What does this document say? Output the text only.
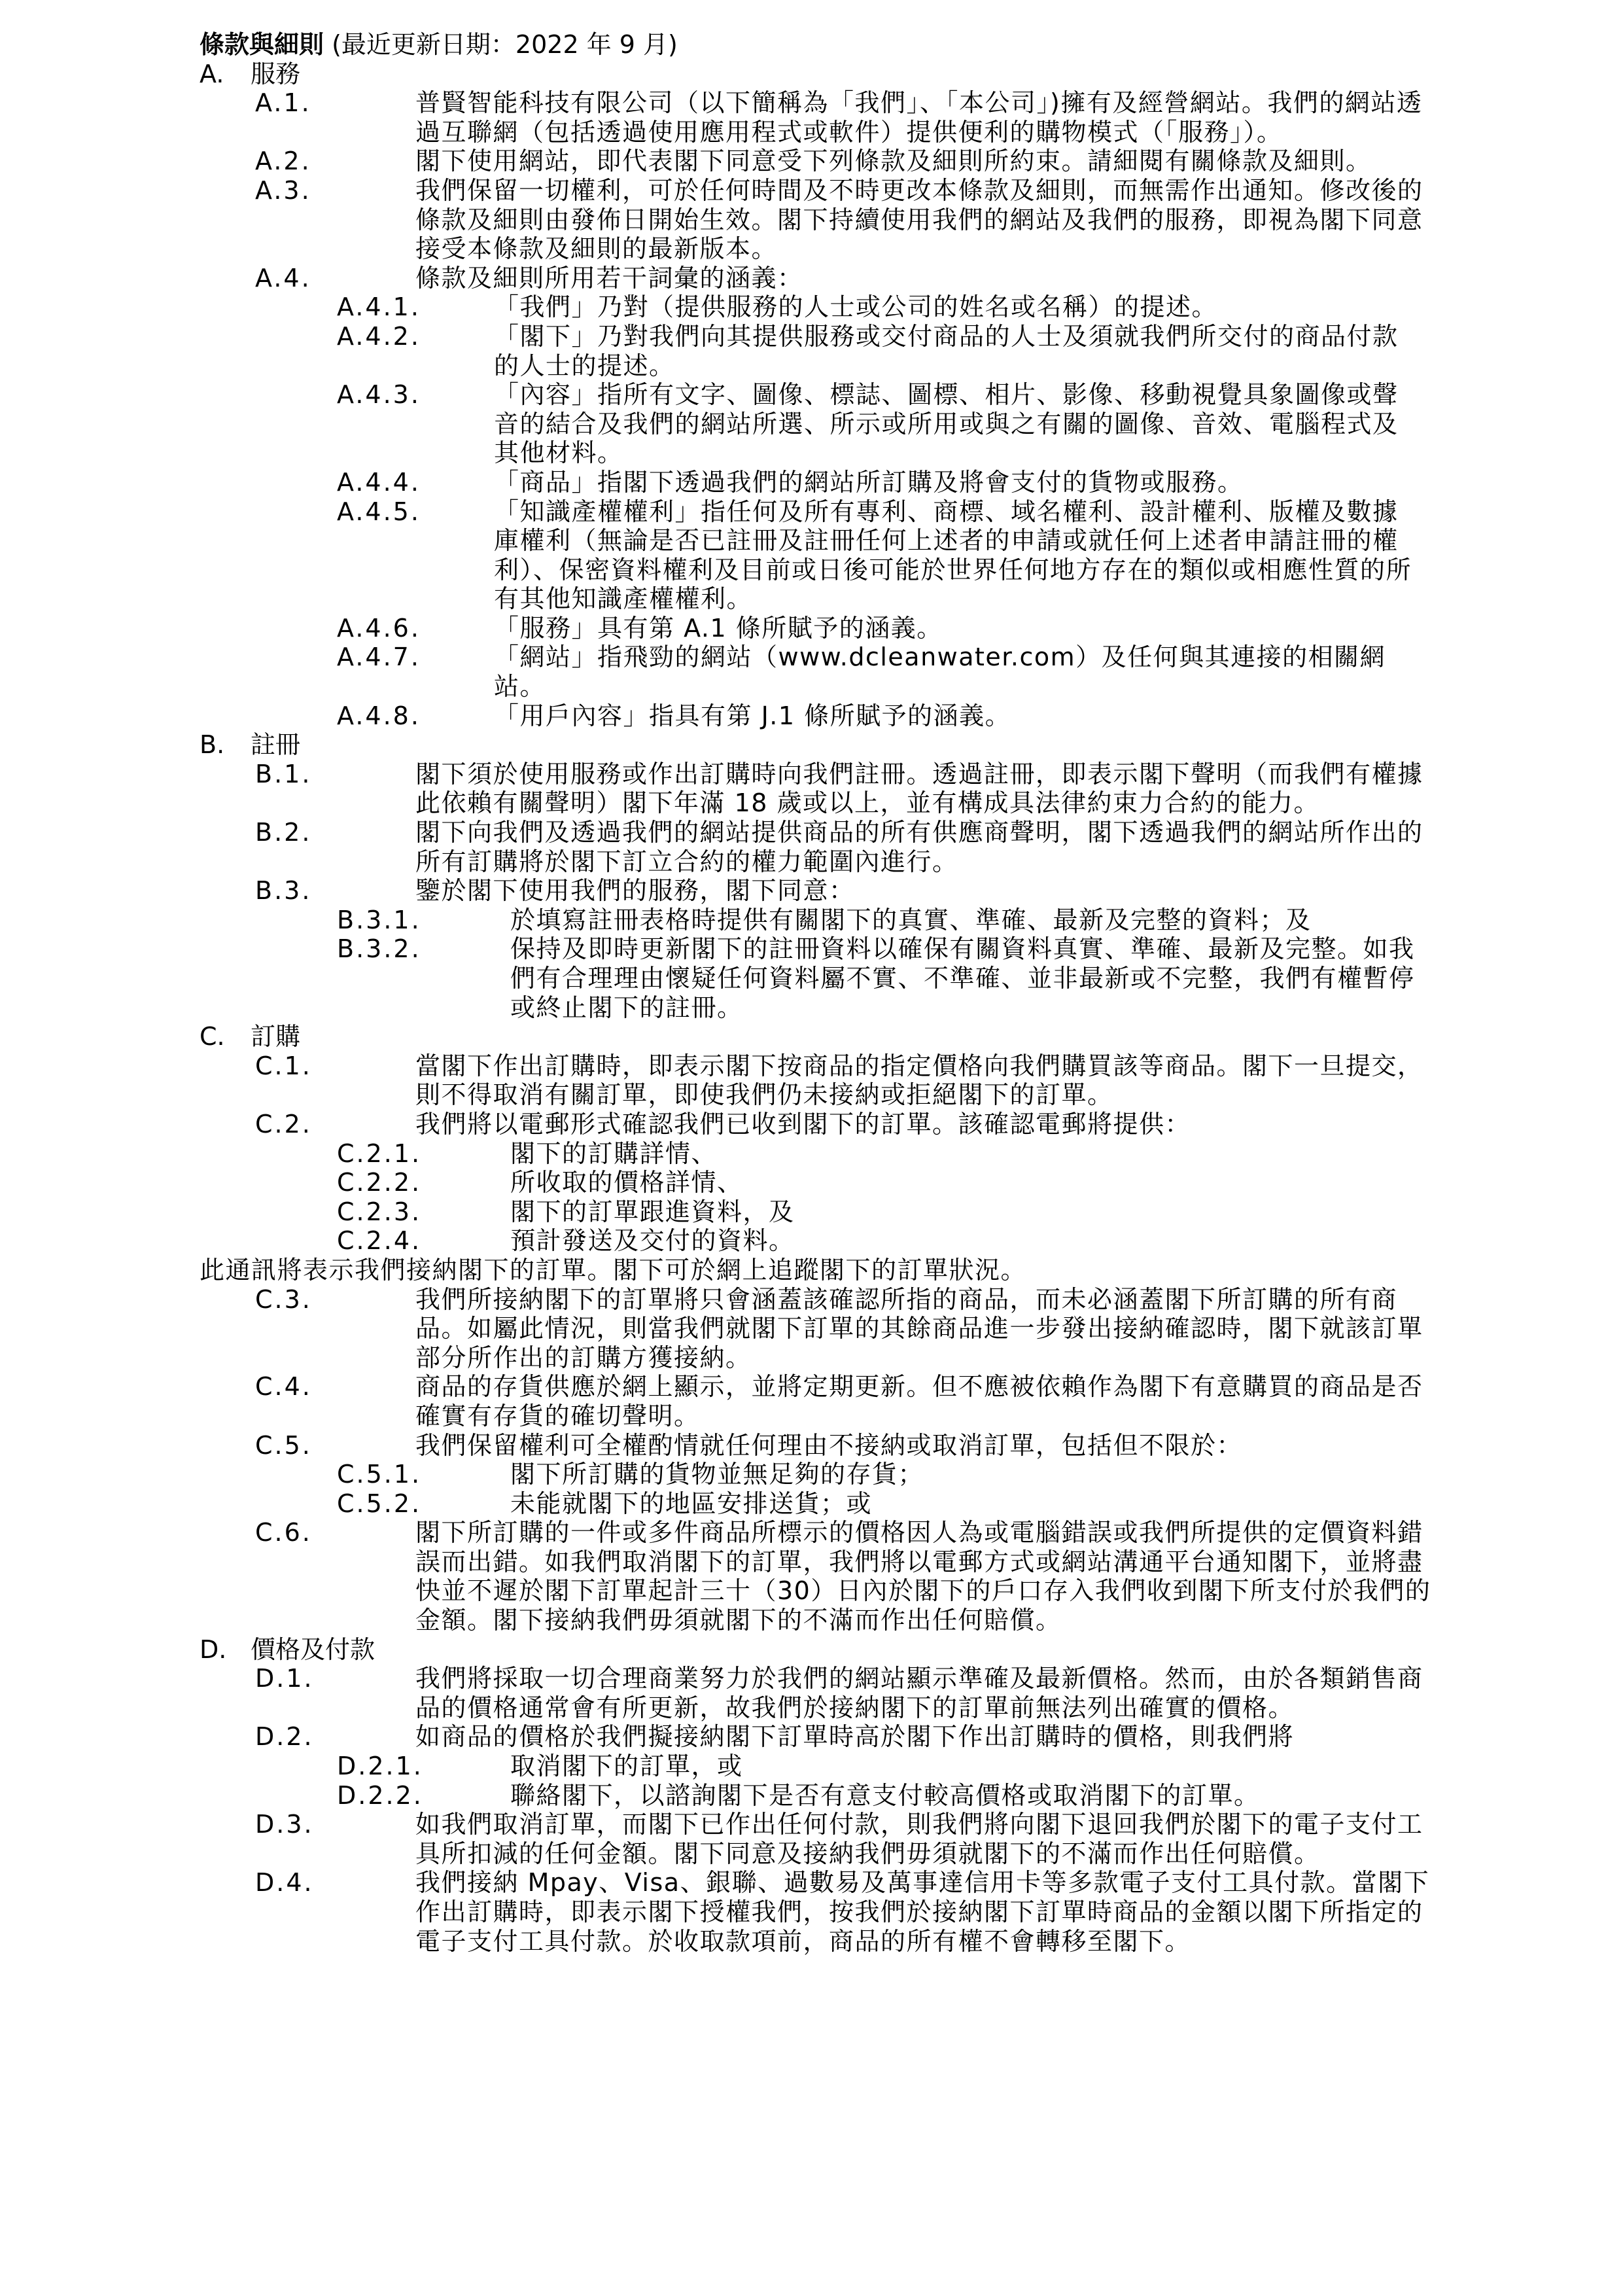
條款與細則 (最近更新日期：2022 年 9 月)
A.	服務
A.1.	普賢智能科技有限公司（以下簡稱為「我們」、「本公司」)擁有及經營網站。我們的網站透過互聯網（包括透過使用應用程式或軟件）提供便利的購物模式（「服務」）。
A.2.	閣下使用網站，即代表閣下同意受下列條款及細則所約束。請細閱有關條款及細則。
A.3.	我們保留一切權利，可於任何時間及不時更改本條款及細則，而無需作出通知。修改後的條款及細則由發佈日開始生效。閣下持續使用我們的網站及我們的服務，即視為閣下同意接受本條款及細則的最新版本。
A.4.	條款及細則所用若干詞彙的涵義：
A.4.1.	「我們」乃對（提供服務的人士或公司的姓名或名稱）的提述。
A.4.2.	「閣下」乃對我們向其提供服務或交付商品的人士及須就我們所交付的商品付款的人士的提述。
A.4.3.	「內容」指所有文字、圖像、標誌、圖標、相片、影像、移動視覺具象圖像或聲音的結合及我們的網站所選、所示或所用或與之有關的圖像、音效、電腦程式及其他材料。
A.4.4.	「商品」指閣下透過我們的網站所訂購及將會支付的貨物或服務。
A.4.5.	「知識產權權利」指任何及所有專利、商標、域名權利、設計權利、版權及數據庫權利（無論是否已註冊及註冊任何上述者的申請或就任何上述者申請註冊的權利）、保密資料權利及目前或日後可能於世界任何地方存在的類似或相應性質的所有其他知識產權權利。
A.4.6.	「服務」具有第 A.1 條所賦予的涵義。
A.4.7.	「網站」指飛勁的網站（www.dcleanwater.com）及任何與其連接的相關網站。
A.4.8.	「用戶內容」指具有第 J.1 條所賦予的涵義。
B.	註冊
B.1.	閣下須於使用服務或作出訂購時向我們註冊。透過註冊，即表示閣下聲明（而我們有權據此依賴有關聲明）閣下年滿 18 歲或以上，並有構成具法律約束力合約的能力。
B.2.	閣下向我們及透過我們的網站提供商品的所有供應商聲明，閣下透過我們的網站所作出的所有訂購將於閣下訂立合約的權力範圍內進行。
B.3.	鑒於閣下使用我們的服務，閣下同意：
B.3.1.	於填寫註冊表格時提供有關閣下的真實、準確、最新及完整的資料；及
B.3.2.	保持及即時更新閣下的註冊資料以確保有關資料真實、準確、最新及完整。如我們有合理理由懷疑任何資料屬不實、不準確、並非最新或不完整，我們有權暫停或終止閣下的註冊。
C.	訂購
C.1.	當閣下作出訂購時，即表示閣下按商品的指定價格向我們購買該等商品。閣下一旦提交，則不得取消有關訂單，即使我們仍未接納或拒絕閣下的訂單。
C.2.	我們將以電郵形式確認我們已收到閣下的訂單。該確認電郵將提供：
C.2.1.	閣下的訂購詳情、
C.2.2.	所收取的價格詳情、
C.2.3.	閣下的訂單跟進資料，及
C.2.4.	預計發送及交付的資料。
此通訊將表示我們接納閣下的訂單。閣下可於網上追蹤閣下的訂單狀況。
C.3.	我們所接納閣下的訂單將只會涵蓋該確認所指的商品，而未必涵蓋閣下所訂購的所有商品。如屬此情況，則當我們就閣下訂單的其餘商品進一步發出接納確認時，閣下就該訂單部分所作出的訂購方獲接納。
C.4.	商品的存貨供應於網上顯示，並將定期更新。但不應被依賴作為閣下有意購買的商品是否確實有存貨的確切聲明。
C.5.	我們保留權利可全權酌情就任何理由不接納或取消訂單，包括但不限於：
C.5.1.	閣下所訂購的貨物並無足夠的存貨；
C.5.2.	未能就閣下的地區安排送貨；或
C.6.	閣下所訂購的一件或多件商品所標示的價格因人為或電腦錯誤或我們所提供的定價資料錯誤而出錯。如我們取消閣下的訂單，我們將以電郵方式或網站溝通平台通知閣下，並將盡快並不遲於閣下訂單起計三十（30）日內於閣下的戶口存入我們收到閣下所支付於我們的金額。閣下接納我們毋須就閣下的不滿而作出任何賠償。
D. 價格及付款
D.1.	我們將採取一切合理商業努力於我們的網站顯示準確及最新價格。然而，由於各類銷售商品的價格通常會有所更新，故我們於接納閣下的訂單前無法列出確實的價格。
D.2.	如商品的價格於我們擬接納閣下訂單時高於閣下作出訂購時的價格，則我們將
D.2.1.	取消閣下的訂單，或
D.2.2.	聯絡閣下，以諮詢閣下是否有意支付較高價格或取消閣下的訂單。
D.3.	如我們取消訂單，而閣下已作出任何付款，則我們將向閣下退回我們於閣下的電子支付工具所扣減的任何金額。閣下同意及接納我們毋須就閣下的不滿而作出任何賠償。
D.4.	我們接納 Mpay、Visa、銀聯、過數易及萬事達信用卡等多款電子支付工具付款。當閣下作出訂購時，即表示閣下授權我們，按我們於接納閣下訂單時商品的金額以閣下所指定的電子支付工具付款。於收取款項前，商品的所有權不會轉移至閣下。
